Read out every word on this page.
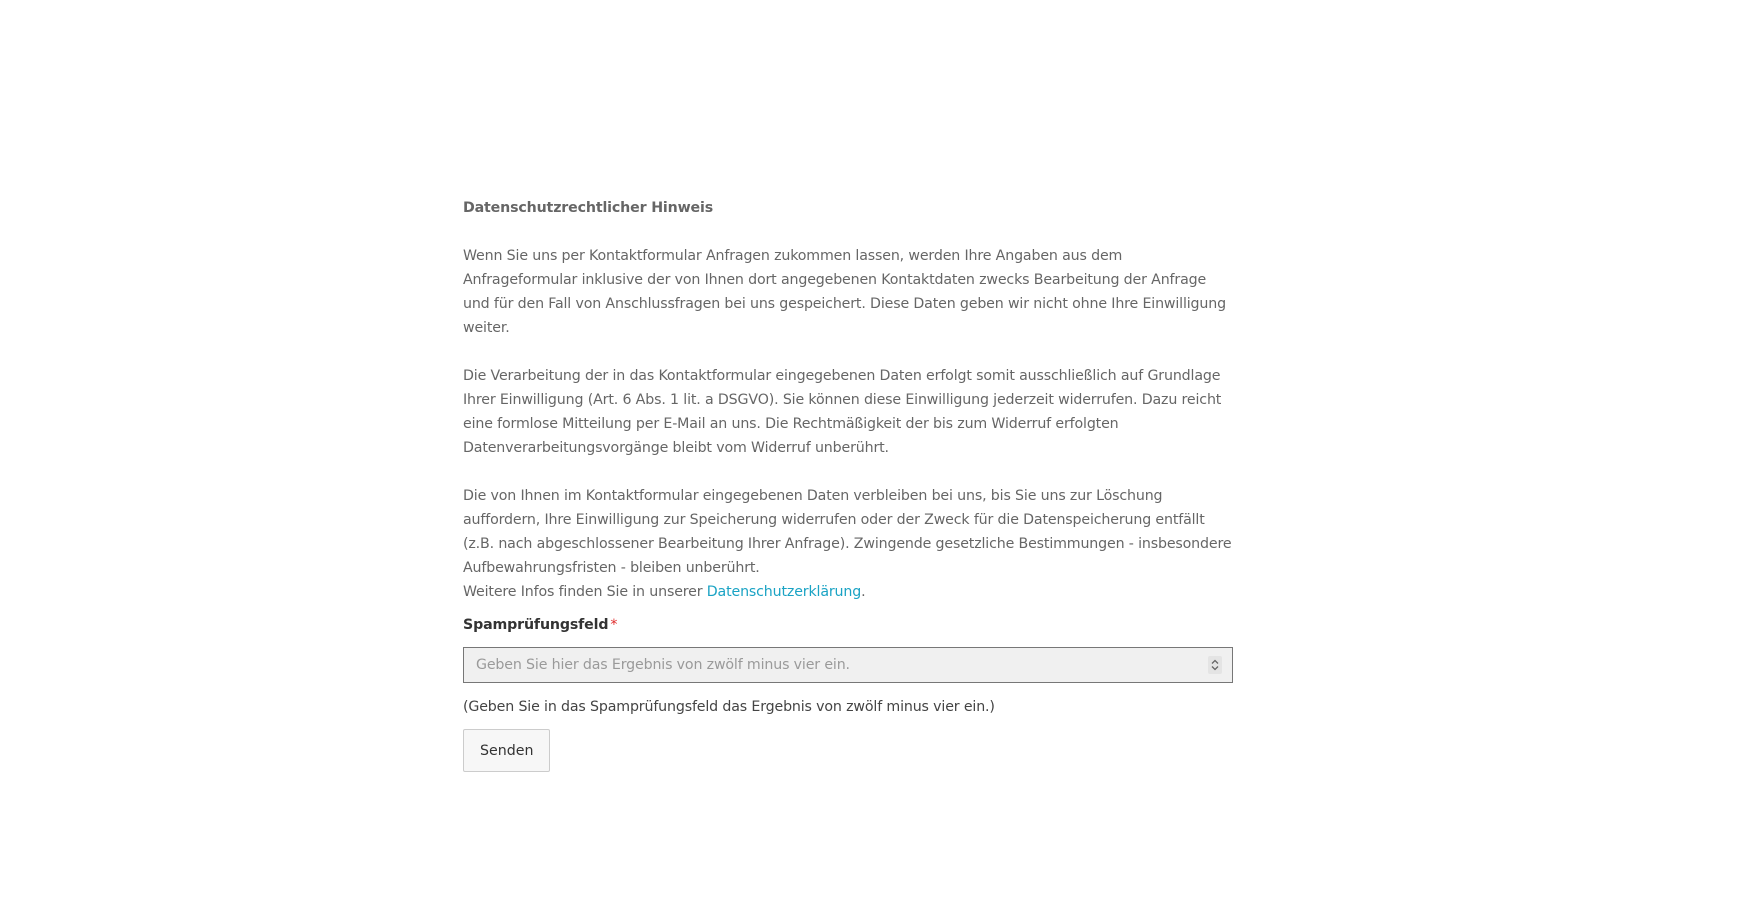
Datenschutzrechtlicher Hinweis

Wenn Sie uns per Kontaktformular Anfragen zukommen lassen, werden Ihre Angaben aus dem Anfrageformular inklusive der von Ihnen dort angegebenen Kontaktdaten zwecks Bearbeitung der Anfrage und für den Fall von Anschlussfragen bei uns gespeichert. Diese Daten geben wir nicht ohne Ihre Einwilligung weiter.

Die Verarbeitung der in das Kontaktformular eingegebenen Daten erfolgt somit ausschließlich auf Grundlage Ihrer Einwilligung (Art. 6 Abs. 1 lit. a DSGVO). Sie können diese Einwilligung jederzeit widerrufen. Dazu reicht eine formlose Mitteilung per E-Mail an uns. Die Rechtmäßigkeit der bis zum Widerruf erfolgten Datenverarbeitungsvorgänge bleibt vom Widerruf unberührt.

Die von Ihnen im Kontaktformular eingegebenen Daten verbleiben bei uns, bis Sie uns zur Löschung auffordern, Ihre Einwilligung zur Speicherung widerrufen oder der Zweck für die Datenspeicherung entfällt (z.B. nach abgeschlossener Bearbeitung Ihrer Anfrage). Zwingende gesetzliche Bestimmungen - insbesondere Aufbewahrungsfristen - bleiben unberührt.

Weitere Infos finden Sie in unserer Datenschutzerklärung.
Spamprüfungsfeld *
Geben Sie hier das Ergebnis von zwölf minus vier ein.
(Geben Sie in das Spamprüfungsfeld das Ergebnis von zwölf minus vier ein.)
Senden
